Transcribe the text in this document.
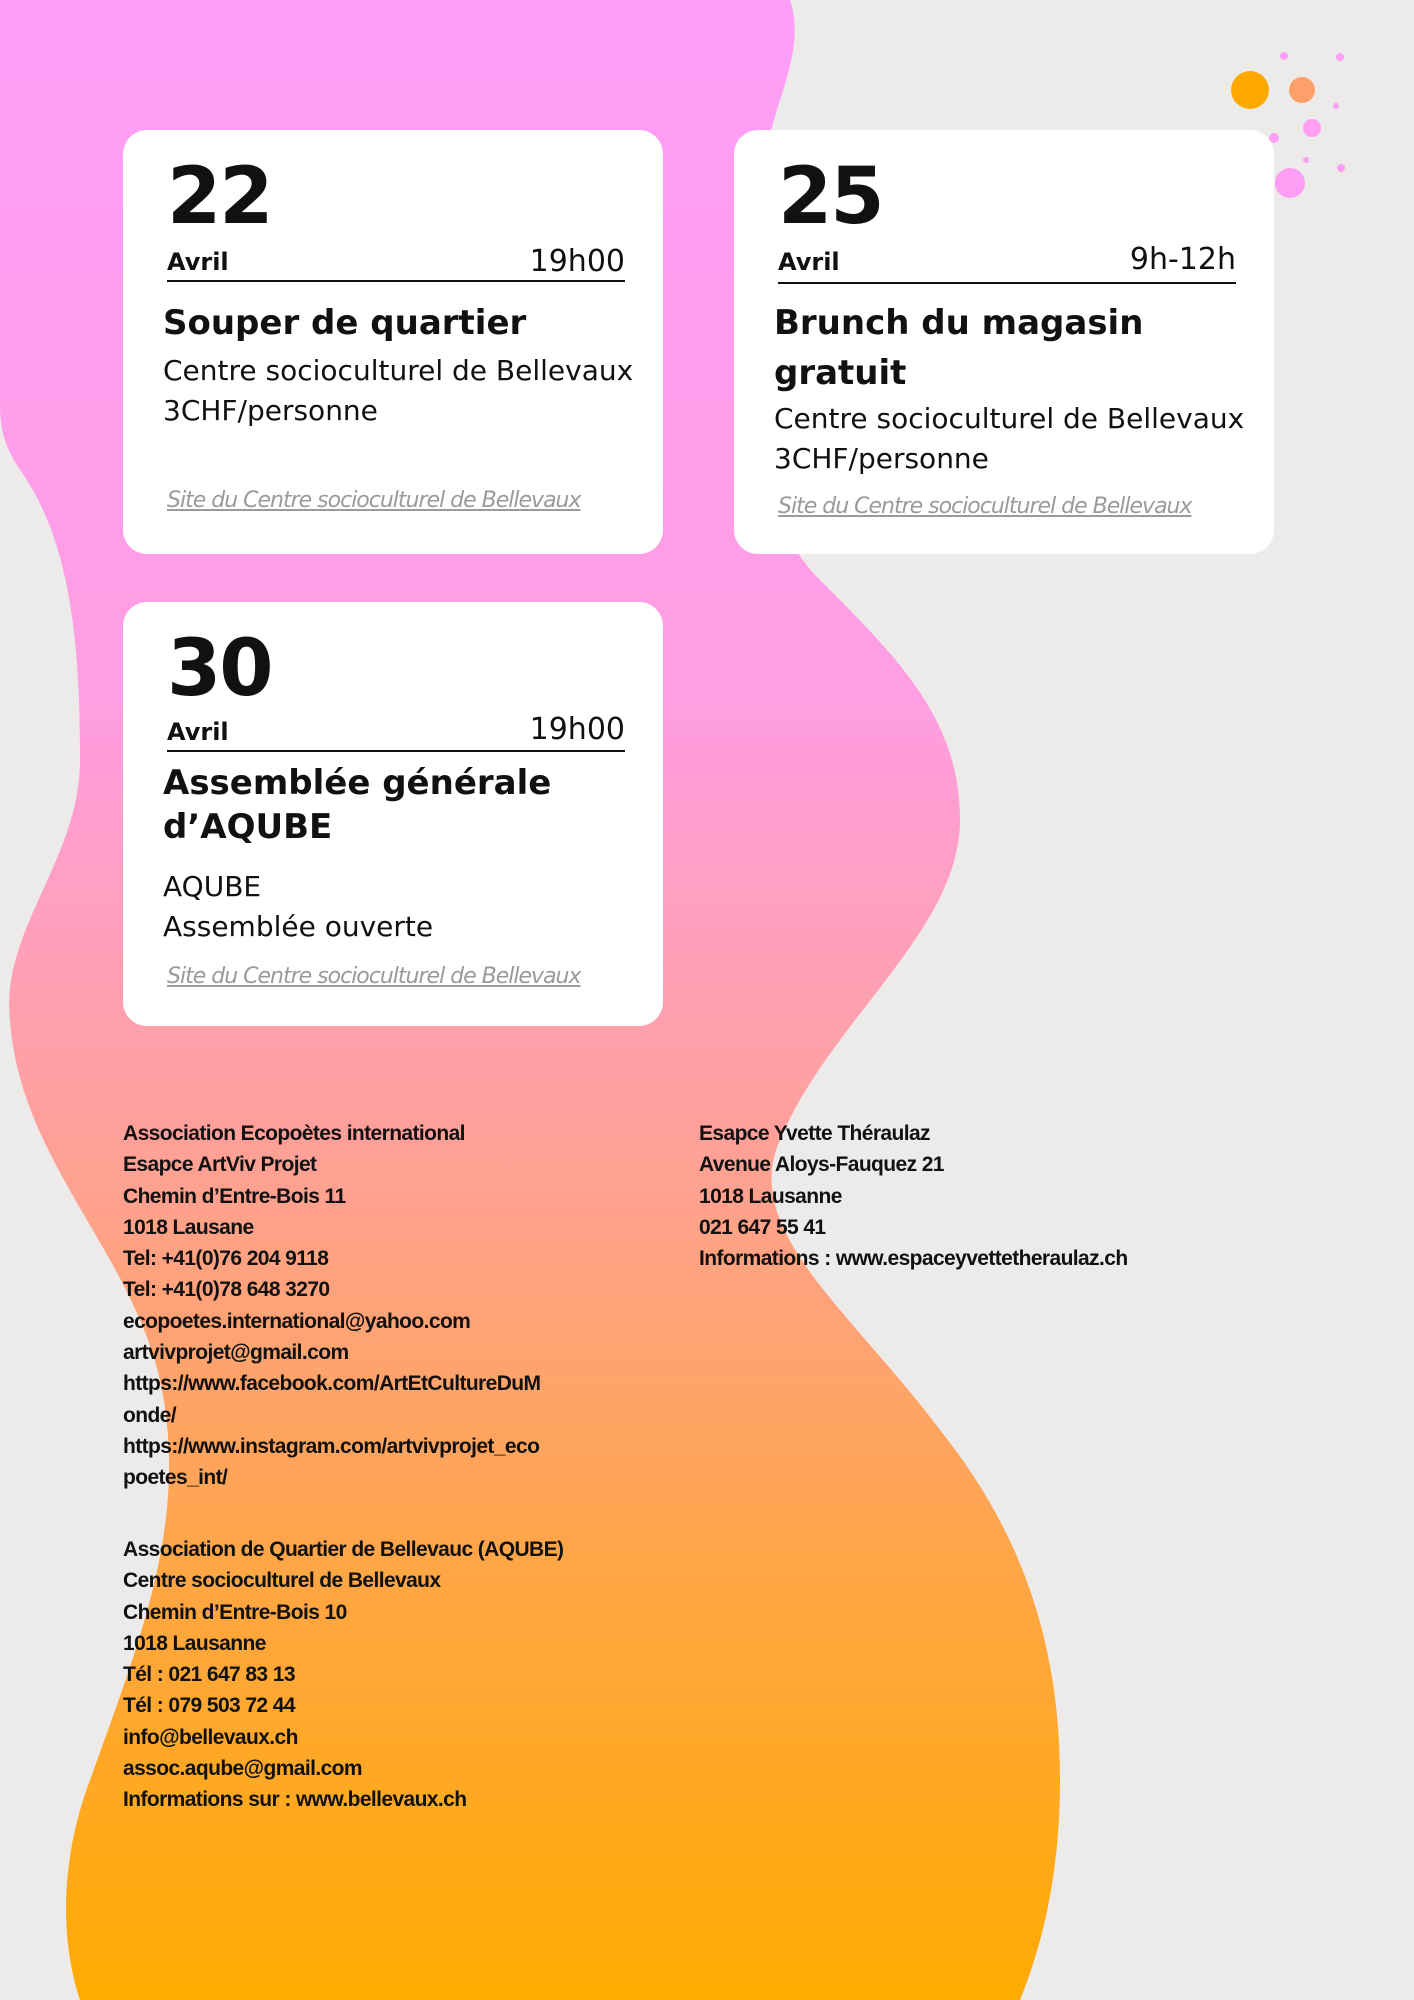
22
Avril	19h00

Souper de quartier

Centre socioculturel de Bellevaux

3CHF/personne

Site du Centre socioculturel de Bellevaux
25
Avril	9h-12h

Brunch du magasin

gratuit

Centre socioculturel de Bellevaux

3CHF/personne

Site du Centre socioculturel de Bellevaux
30
Avril	19h00

Assemblée générale

d’AQUBE

AQUBE

Assemblée ouverte

Site du Centre socioculturel de Bellevaux
Association Ecopoètes international
Esapce ArtViv Projet
Chemin d’Entre-Bois 11
1018 Lausane
Tel: +41(0)76 204 9118
Tel: +41(0)78 648 3270
ecopoetes.international@yahoo.com
artvivprojet@gmail.com
https://www.facebook.com/ArtEtCultureDuM
onde/
https://www.instagram.com/artvivprojet_eco
poetes_int/
Association de Quartier de Bellevauc (AQUBE)
Centre socioculturel de Bellevaux
Chemin d’Entre-Bois 10
1018 Lausanne
Tél : 021 647 83 13
Tél : 079 503 72 44
info@bellevaux.ch
assoc.aqube@gmail.com
Informations sur : www.bellevaux.ch
Esapce Yvette Théraulaz
Avenue Aloys-Fauquez 21
1018 Lausanne
021 647 55 41
Informations : www.espaceyvettetheraulaz.ch
